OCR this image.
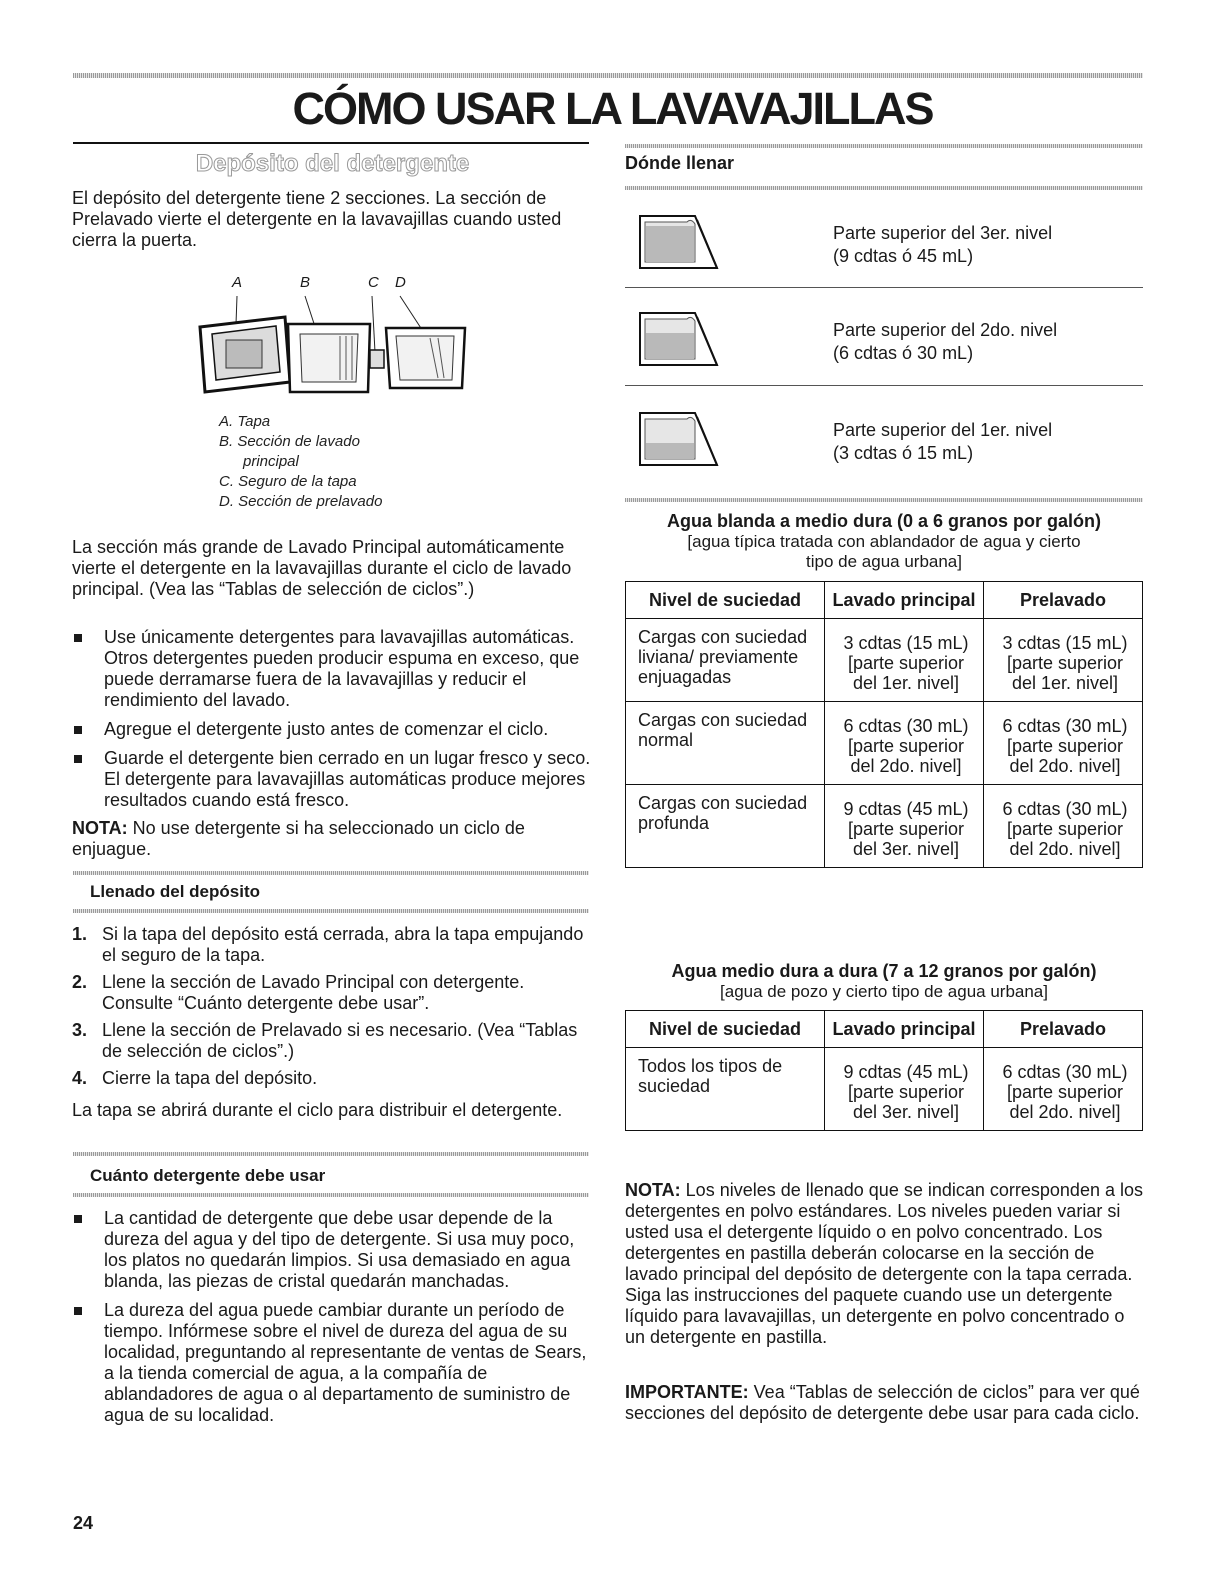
CÓMO USAR LA LAVAVAJILLAS
Depósito del detergente

El depósito del detergente tiene 2 secciones. La sección de Prelavado vierte el detergente en la lavavajillas cuando usted cierra la puerta.

A	B	C D
A. Tapa
B. Sección de lavado
principal
C. Seguro de la tapa
D. Sección de prelavado

La sección más grande de Lavado Principal automáticamente vierte el detergente en la lavavajillas durante el ciclo de lavado principal. (Vea las “Tablas de selección de ciclos”.)

Use únicamente detergentes para lavavajillas automáticas. Otros detergentes pueden producir espuma en exceso, que puede derramarse fuera de la lavavajillas y reducir el rendimiento del lavado.
Agregue el detergente justo antes de comenzar el ciclo.
Guarde el detergente bien cerrado en un lugar fresco y seco. El detergente para lavavajillas automáticas produce mejores resultados cuando está fresco.

NOTA: No use detergente si ha seleccionado un ciclo de enjuague.

Llenado del depósito
1. Si la tapa del depósito está cerrada, abra la tapa empujando el seguro de la tapa.
2. Llene la sección de Lavado Principal con detergente. Consulte “Cuánto detergente debe usar”.
3. Llene la sección de Prelavado si es necesario. (Vea “Tablas de selección de ciclos”.)
4. Cierre la tapa del depósito.

La tapa se abrirá durante el ciclo para distribuir el detergente.

Cuánto detergente debe usar
La cantidad de detergente que debe usar depende de la dureza del agua y del tipo de detergente. Si usa muy poco, los platos no quedarán limpios. Si usa demasiado en agua blanda, las piezas de cristal quedarán manchadas.
La dureza del agua puede cambiar durante un período de tiempo. Infórmese sobre el nivel de dureza del agua de su localidad, preguntando al representante de ventas de Sears, a la tienda comercial de agua, a la compañía de ablandadores de agua o al departamento de suministro de agua de su localidad.
Dónde llenar
Parte superior del 3er. nivel
(9 cdtas ó 45 mL)
Parte superior del 2do. nivel
(6 cdtas ó 30 mL)
Parte superior del 1er. nivel
(3 cdtas ó 15 mL)
Agua blanda a medio dura (0 a 6 granos por galón)
[agua típica tratada con ablandador de agua y cierto
tipo de agua urbana]
Nivel de suciedad	Lavado principal	Prelavado
Cargas con suciedad liviana/ previamente enjuagadas	3 cdtas (15 mL) [parte superior del 1er. nivel]	3 cdtas (15 mL) [parte superior del 1er. nivel]
Cargas con suciedad normal	6 cdtas (30 mL) [parte superior del 2do. nivel]	6 cdtas (30 mL) [parte superior del 2do. nivel]
Cargas con suciedad profunda	9 cdtas (45 mL) [parte superior del 3er. nivel]	6 cdtas (30 mL) [parte superior del 2do. nivel]
Agua medio dura a dura (7 a 12 granos por galón)
[agua de pozo y cierto tipo de agua urbana]
Nivel de suciedad	Lavado principal	Prelavado
Todos los tipos de suciedad	9 cdtas (45 mL) [parte superior del 3er. nivel]	6 cdtas (30 mL) [parte superior del 2do. nivel]

NOTA: Los niveles de llenado que se indican corresponden a los detergentes en polvo estándares. Los niveles pueden variar si usted usa el detergente líquido o en polvo concentrado. Los detergentes en pastilla deberán colocarse en la sección de lavado principal del depósito de detergente con la tapa cerrada. Siga las instrucciones del paquete cuando use un detergente líquido para lavavajillas, un detergente en polvo concentrado o un detergente en pastilla.

IMPORTANTE: Vea “Tablas de selección de ciclos” para ver qué secciones del depósito de detergente debe usar para cada ciclo.

24
